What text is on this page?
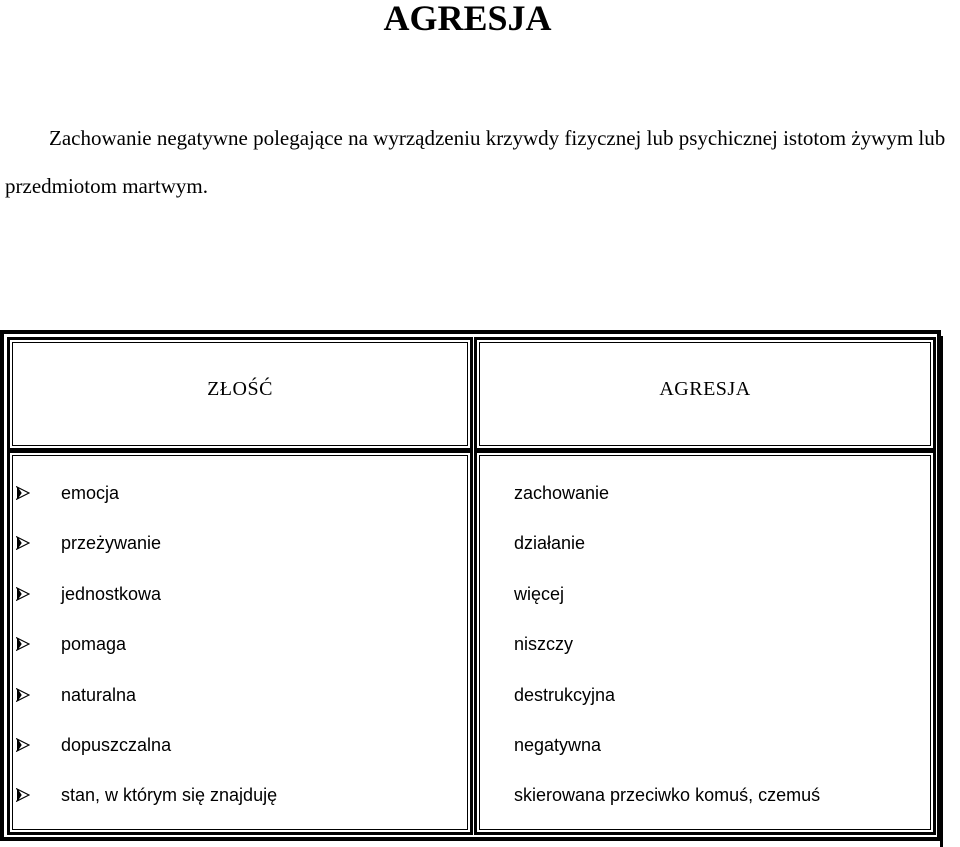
AGRESJA

Zachowanie negatywne polegające na wyrządzeniu krzywdy fizycznej lub psychicznej istotom żywym lub przedmiotom martwym.

ZŁOŚĆ	AGRESJA
emocja
przeżywanie
jednostkowa
pomaga
naturalna
dopuszczalna
stan, w którym się znajduję
zachowanie
działanie
więcej
niszczy
destrukcyjna
negatywna
skierowana przeciwko komuś, czemuś
